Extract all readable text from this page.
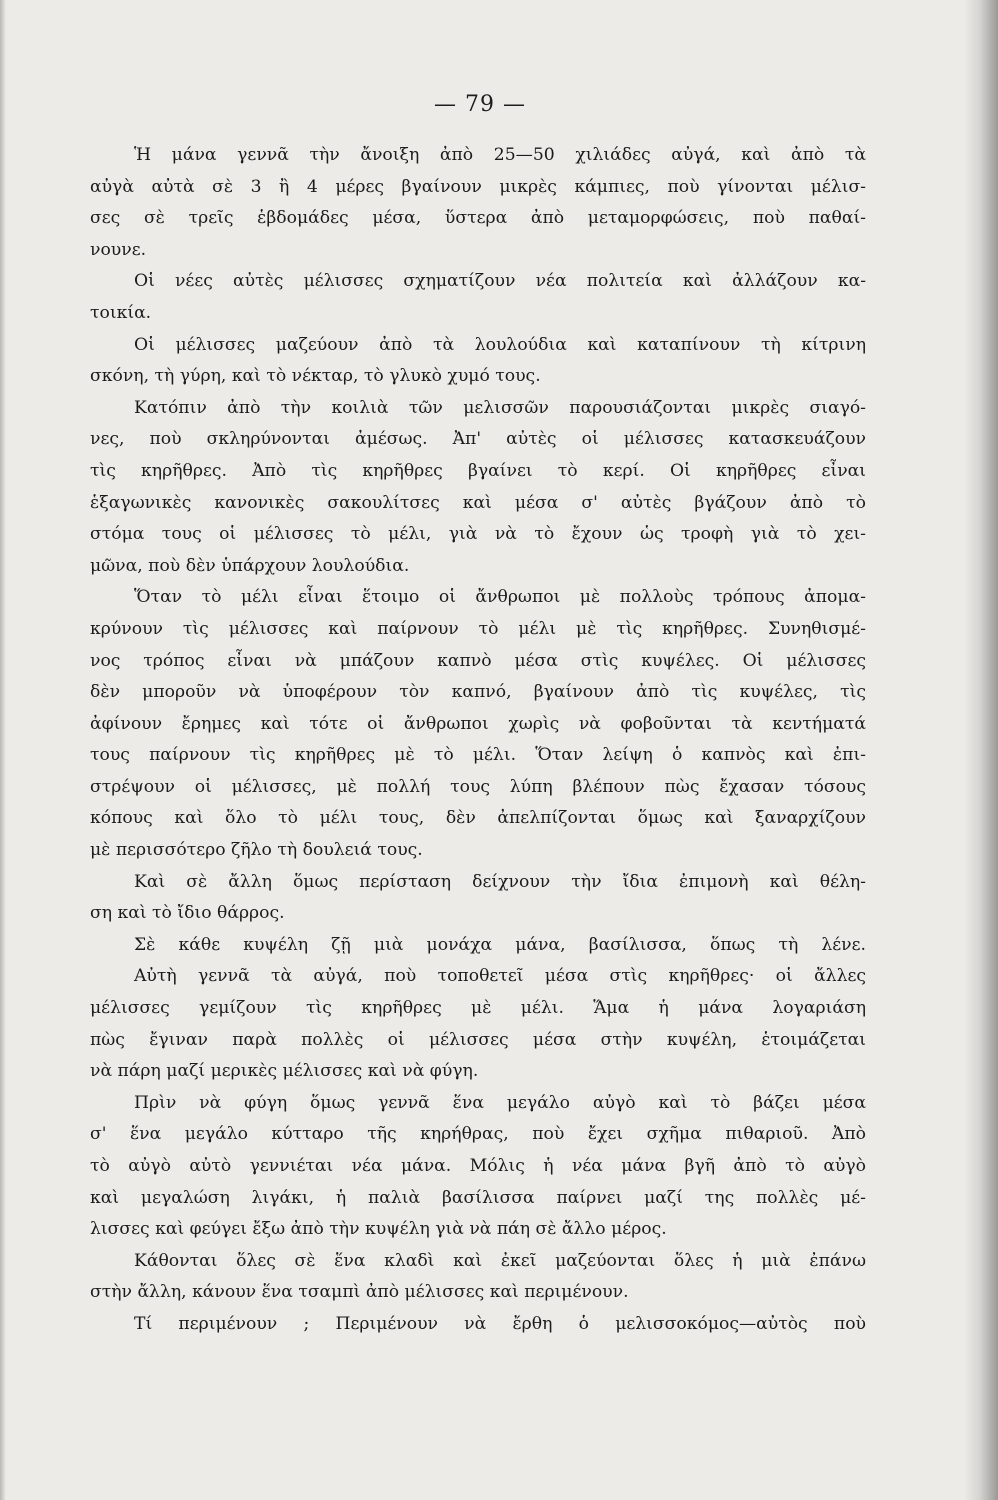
— 79 —
Ἡ μάνα γεννᾶ τὴν ἄνοιξη ἀπὸ 25—50 χιλιάδες αὐγά, καὶ ἀπὸ τὰ
αὐγὰ αὐτὰ σὲ 3 ἢ 4 μέρες βγαίνουν μικρὲς κάμπιες, ποὺ γίνονται μέλισ-
σες σὲ τρεῖς ἑβδομάδες μέσα, ὕστερα ἀπὸ μεταμορφώσεις, ποὺ παθαί-
νουνε.
Οἱ νέες αὐτὲς μέλισσες σχηματίζουν νέα πολιτεία καὶ ἀλλάζουν κα-
τοικία.
Οἱ μέλισσες μαζεύουν ἀπὸ τὰ λουλούδια καὶ καταπίνουν τὴ κίτρινη
σκόνη, τὴ γύρη, καὶ τὸ νέκταρ, τὸ γλυκὸ χυμό τους.
Κατόπιν ἀπὸ τὴν κοιλιὰ τῶν μελισσῶν παρουσιάζονται μικρὲς σιαγό-
νες, ποὺ σκληρύνονται ἀμέσως. Ἀπ' αὐτὲς οἱ μέλισσες κατασκευάζουν
τὶς κηρῆθρες. Ἀπὸ τὶς κηρῆθρες βγαίνει τὸ κερί. Οἱ κηρῆθρες εἶναι
ἑξαγωνικὲς κανονικὲς σακουλίτσες καὶ μέσα σ' αὐτὲς βγάζουν ἀπὸ τὸ
στόμα τους οἱ μέλισσες τὸ μέλι, γιὰ νὰ τὸ ἔχουν ὡς τροφὴ γιὰ τὸ χει-
μῶνα, ποὺ δὲν ὑπάρχουν λουλούδια.
Ὅταν τὸ μέλι εἶναι ἕτοιμο οἱ ἄνθρωποι μὲ πολλοὺς τρόπους ἀπομα-
κρύνουν τὶς μέλισσες καὶ παίρνουν τὸ μέλι μὲ τὶς κηρῆθρες. Συνηθισμέ-
νος τρόπος εἶναι νὰ μπάζουν καπνὸ μέσα στὶς κυψέλες. Οἱ μέλισσες
δὲν μποροῦν νὰ ὑποφέρουν τὸν καπνό, βγαίνουν ἀπὸ τὶς κυψέλες, τὶς
ἀφίνουν ἔρημες καὶ τότε οἱ ἄνθρωποι χωρὶς νὰ φοβοῦνται τὰ κεντήματά
τους παίρνουν τὶς κηρῆθρες μὲ τὸ μέλι. Ὅταν λείψη ὁ καπνὸς καὶ ἐπι-
στρέψουν οἱ μέλισσες, μὲ πολλή τους λύπη βλέπουν πὼς ἔχασαν τόσους
κόπους καὶ ὅλο τὸ μέλι τους, δὲν ἀπελπίζονται ὅμως καὶ ξαναρχίζουν
μὲ περισσότερο ζῆλο τὴ δουλειά τους.
Καὶ σὲ ἄλλη ὅμως περίσταση δείχνουν τὴν ἴδια ἐπιμονὴ καὶ θέλη-
ση καὶ τὸ ἴδιο θάρρος.
Σὲ κάθε κυψέλη ζῇ μιὰ μονάχα μάνα, βασίλισσα, ὅπως τὴ λένε.
Αὐτὴ γεννᾶ τὰ αὐγά, ποὺ τοποθετεῖ μέσα στὶς κηρῆθρες· οἱ ἄλλες
μέλισσες γεμίζουν τὶς κηρῆθρες μὲ μέλι. Ἅμα ἡ μάνα λογαριάση
πὼς ἔγιναν παρὰ πολλὲς οἱ μέλισσες μέσα στὴν κυψέλη, ἑτοιμάζεται
νὰ πάρη μαζί μερικὲς μέλισσες καὶ νὰ φύγη.
Πρὶν νὰ φύγη ὅμως γεννᾶ ἕνα μεγάλο αὐγὸ καὶ τὸ βάζει μέσα
σ' ἕνα μεγάλο κύτταρο τῆς κηρήθρας, ποὺ ἔχει σχῆμα πιθαριοῦ. Ἀπὸ
τὸ αὐγὸ αὐτὸ γεννιέται νέα μάνα. Μόλις ἡ νέα μάνα βγῆ ἀπὸ τὸ αὐγὸ
καὶ μεγαλώση λιγάκι, ἡ παλιὰ βασίλισσα παίρνει μαζί της πολλὲς μέ-
λισσες καὶ φεύγει ἔξω ἀπὸ τὴν κυψέλη γιὰ νὰ πάη σὲ ἄλλο μέρος.
Κάθονται ὅλες σὲ ἕνα κλαδὶ καὶ ἐκεῖ μαζεύονται ὅλες ἡ μιὰ ἐπάνω
στὴν ἄλλη, κάνουν ἕνα τσαμπὶ ἀπὸ μέλισσες καὶ περιμένουν.
Τί περιμένουν ; Περιμένουν νὰ ἔρθη ὁ μελισσοκόμος—αὐτὸς ποὺ
